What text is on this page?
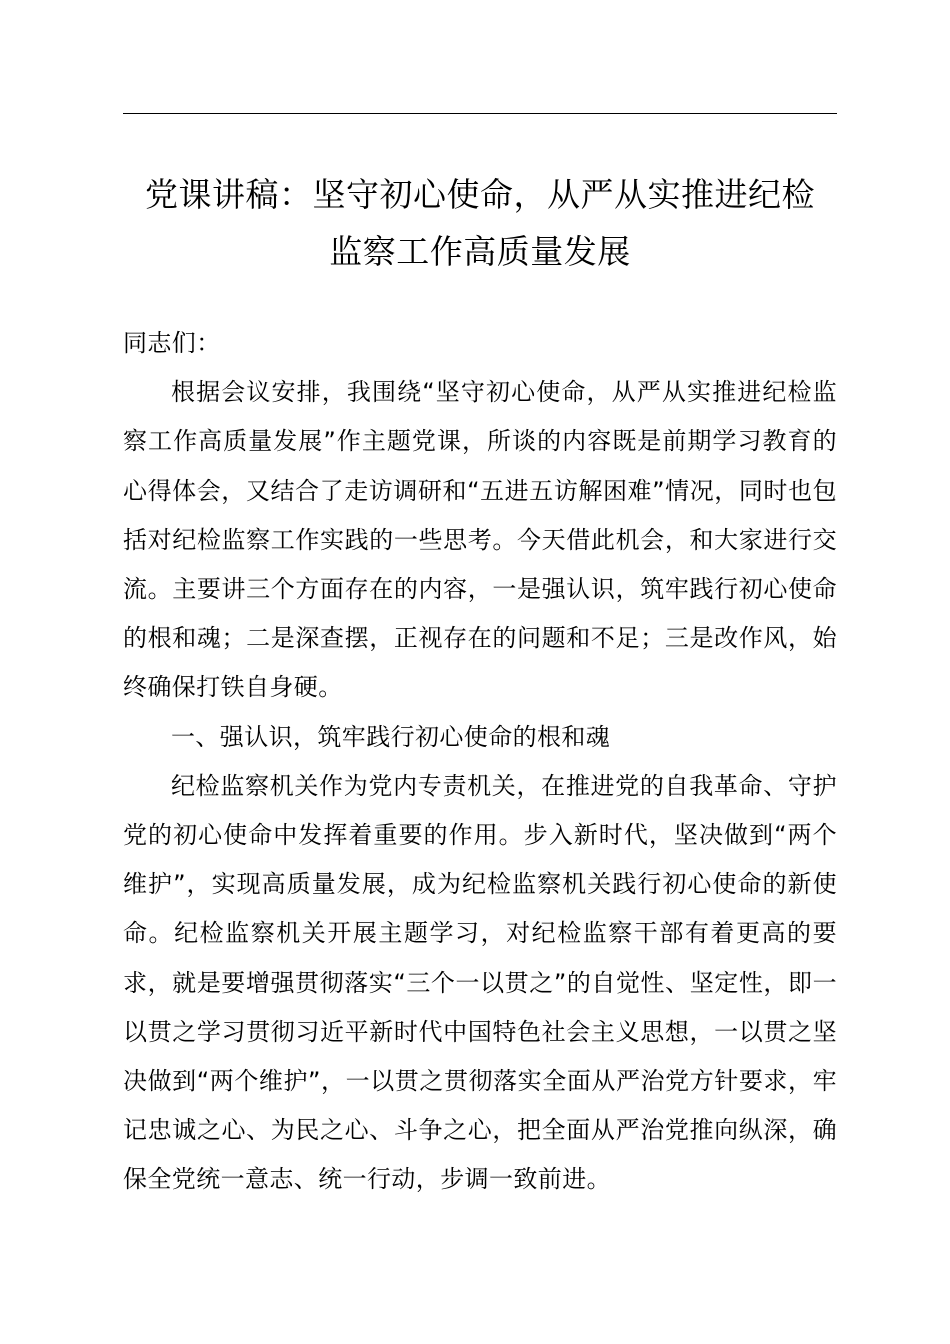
党课讲稿：坚守初心使命，从严从实推进纪检
监察工作高质量发展

同志们：

根据会议安排，我围绕“坚守初心使命，从严从实推进纪检监察工作高质量发展”作主题党课，所谈的内容既是前期学习教育的心得体会，又结合了走访调研和“五进五访解困难”情况，同时也包括对纪检监察工作实践的一些思考。今天借此机会，和大家进行交流。主要讲三个方面存在的内容，一是强认识，筑牢践行初心使命的根和魂；二是深查摆，正视存在的问题和不足；三是改作风，始终确保打铁自身硬。

一、强认识，筑牢践行初心使命的根和魂

纪检监察机关作为党内专责机关，在推进党的自我革命、守护党的初心使命中发挥着重要的作用。步入新时代，坚决做到“两个维护”，实现高质量发展，成为纪检监察机关践行初心使命的新使命。纪检监察机关开展主题学习，对纪检监察干部有着更高的要求，就是要增强贯彻落实“三个一以贯之”的自觉性、坚定性，即一以贯之学习贯彻习近平新时代中国特色社会主义思想，一以贯之坚决做到“两个维护”，一以贯之贯彻落实全面从严治党方针要求，牢记忠诚之心、为民之心、斗争之心，把全面从严治党推向纵深，确保全党统一意志、统一行动，步调一致前进。
